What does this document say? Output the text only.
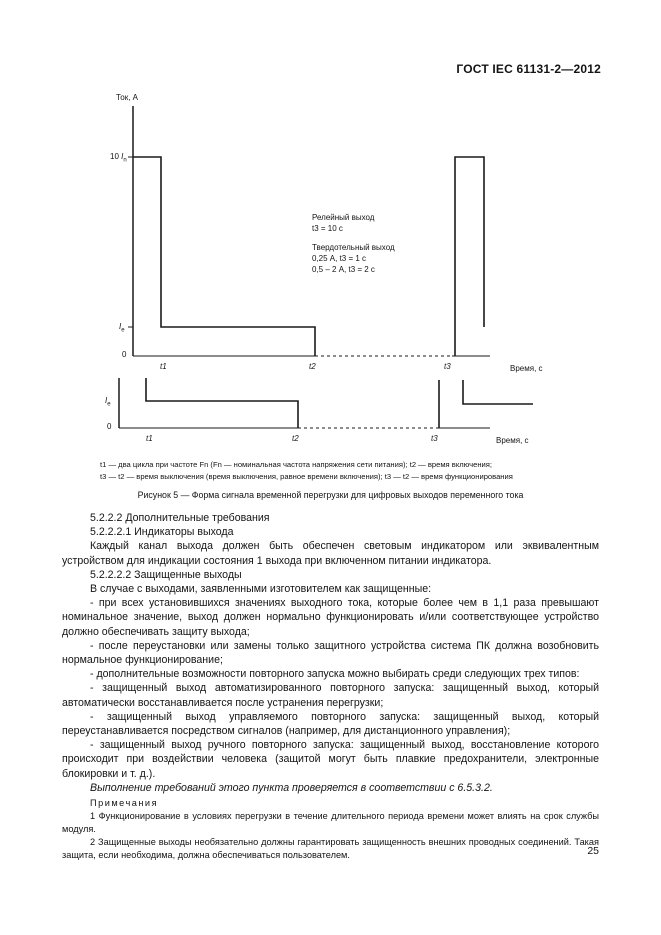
ГОСТ IEC 61131-2—2012
Ток, А
10 $I_n$
$I_e$
0
t1	t2	t3	Время, с
Релейный выход
t3 = 10 с
Твердотельный выход
0,25 А, t3 = 1 с
0,5 – 2 А, t3 = 2 с
$I_e$
0
t1	t2	t3	Время, с
t1 — два цикла при частоте Fn (Fn — номинальная частота напряжения сети питания); t2 — время включения;
t3 — t2 — время выключения (время выключения, равное времени включения); t3 — t2 — время функционирования
Рисунок 5 — Форма сигнала временной перегрузки для цифровых выходов переменного тока

5.2.2.2 Дополнительные требования

5.2.2.2.1 Индикаторы выхода

Каждый канал выхода должен быть обеспечен световым индикатором или эквивалентным устройством для индикации состояния 1 выхода при включенном питании индикатора.

5.2.2.2.2 Защищенные выходы

В случае с выходами, заявленными изготовителем как защищенные:

- при всех установившихся значениях выходного тока, которые более чем в 1,1 раза превышают номинальное значение, выход должен нормально функционировать и/или соответствующее устройство должно обеспечивать защиту выхода;

- после переустановки или замены только защитного устройства система ПК должна возобновить нормальное функционирование;

- дополнительные возможности повторного запуска можно выбирать среди следующих трех типов:

- защищенный выход автоматизированного повторного запуска: защищенный выход, который автоматически восстанавливается после устранения перегрузки;

- защищенный выход управляемого повторного запуска: защищенный выход, который переустанавливается посредством сигналов (например, для дистанционного управления);

- защищенный выход ручного повторного запуска: защищенный выход, восстановление которого происходит при воздействии человека (защитой могут быть плавкие предохранители, электронные блокировки и т. д.).

Выполнение требований этого пункта проверяется в соответствии с 6.5.3.2.

Примечания

1 Функционирование в условиях перегрузки в течение длительного периода времени может влиять на срок службы модуля.

2 Защищенные выходы необязательно должны гарантировать защищенность внешних проводных соединений. Такая защита, если необходима, должна обеспечиваться пользователем.	25
